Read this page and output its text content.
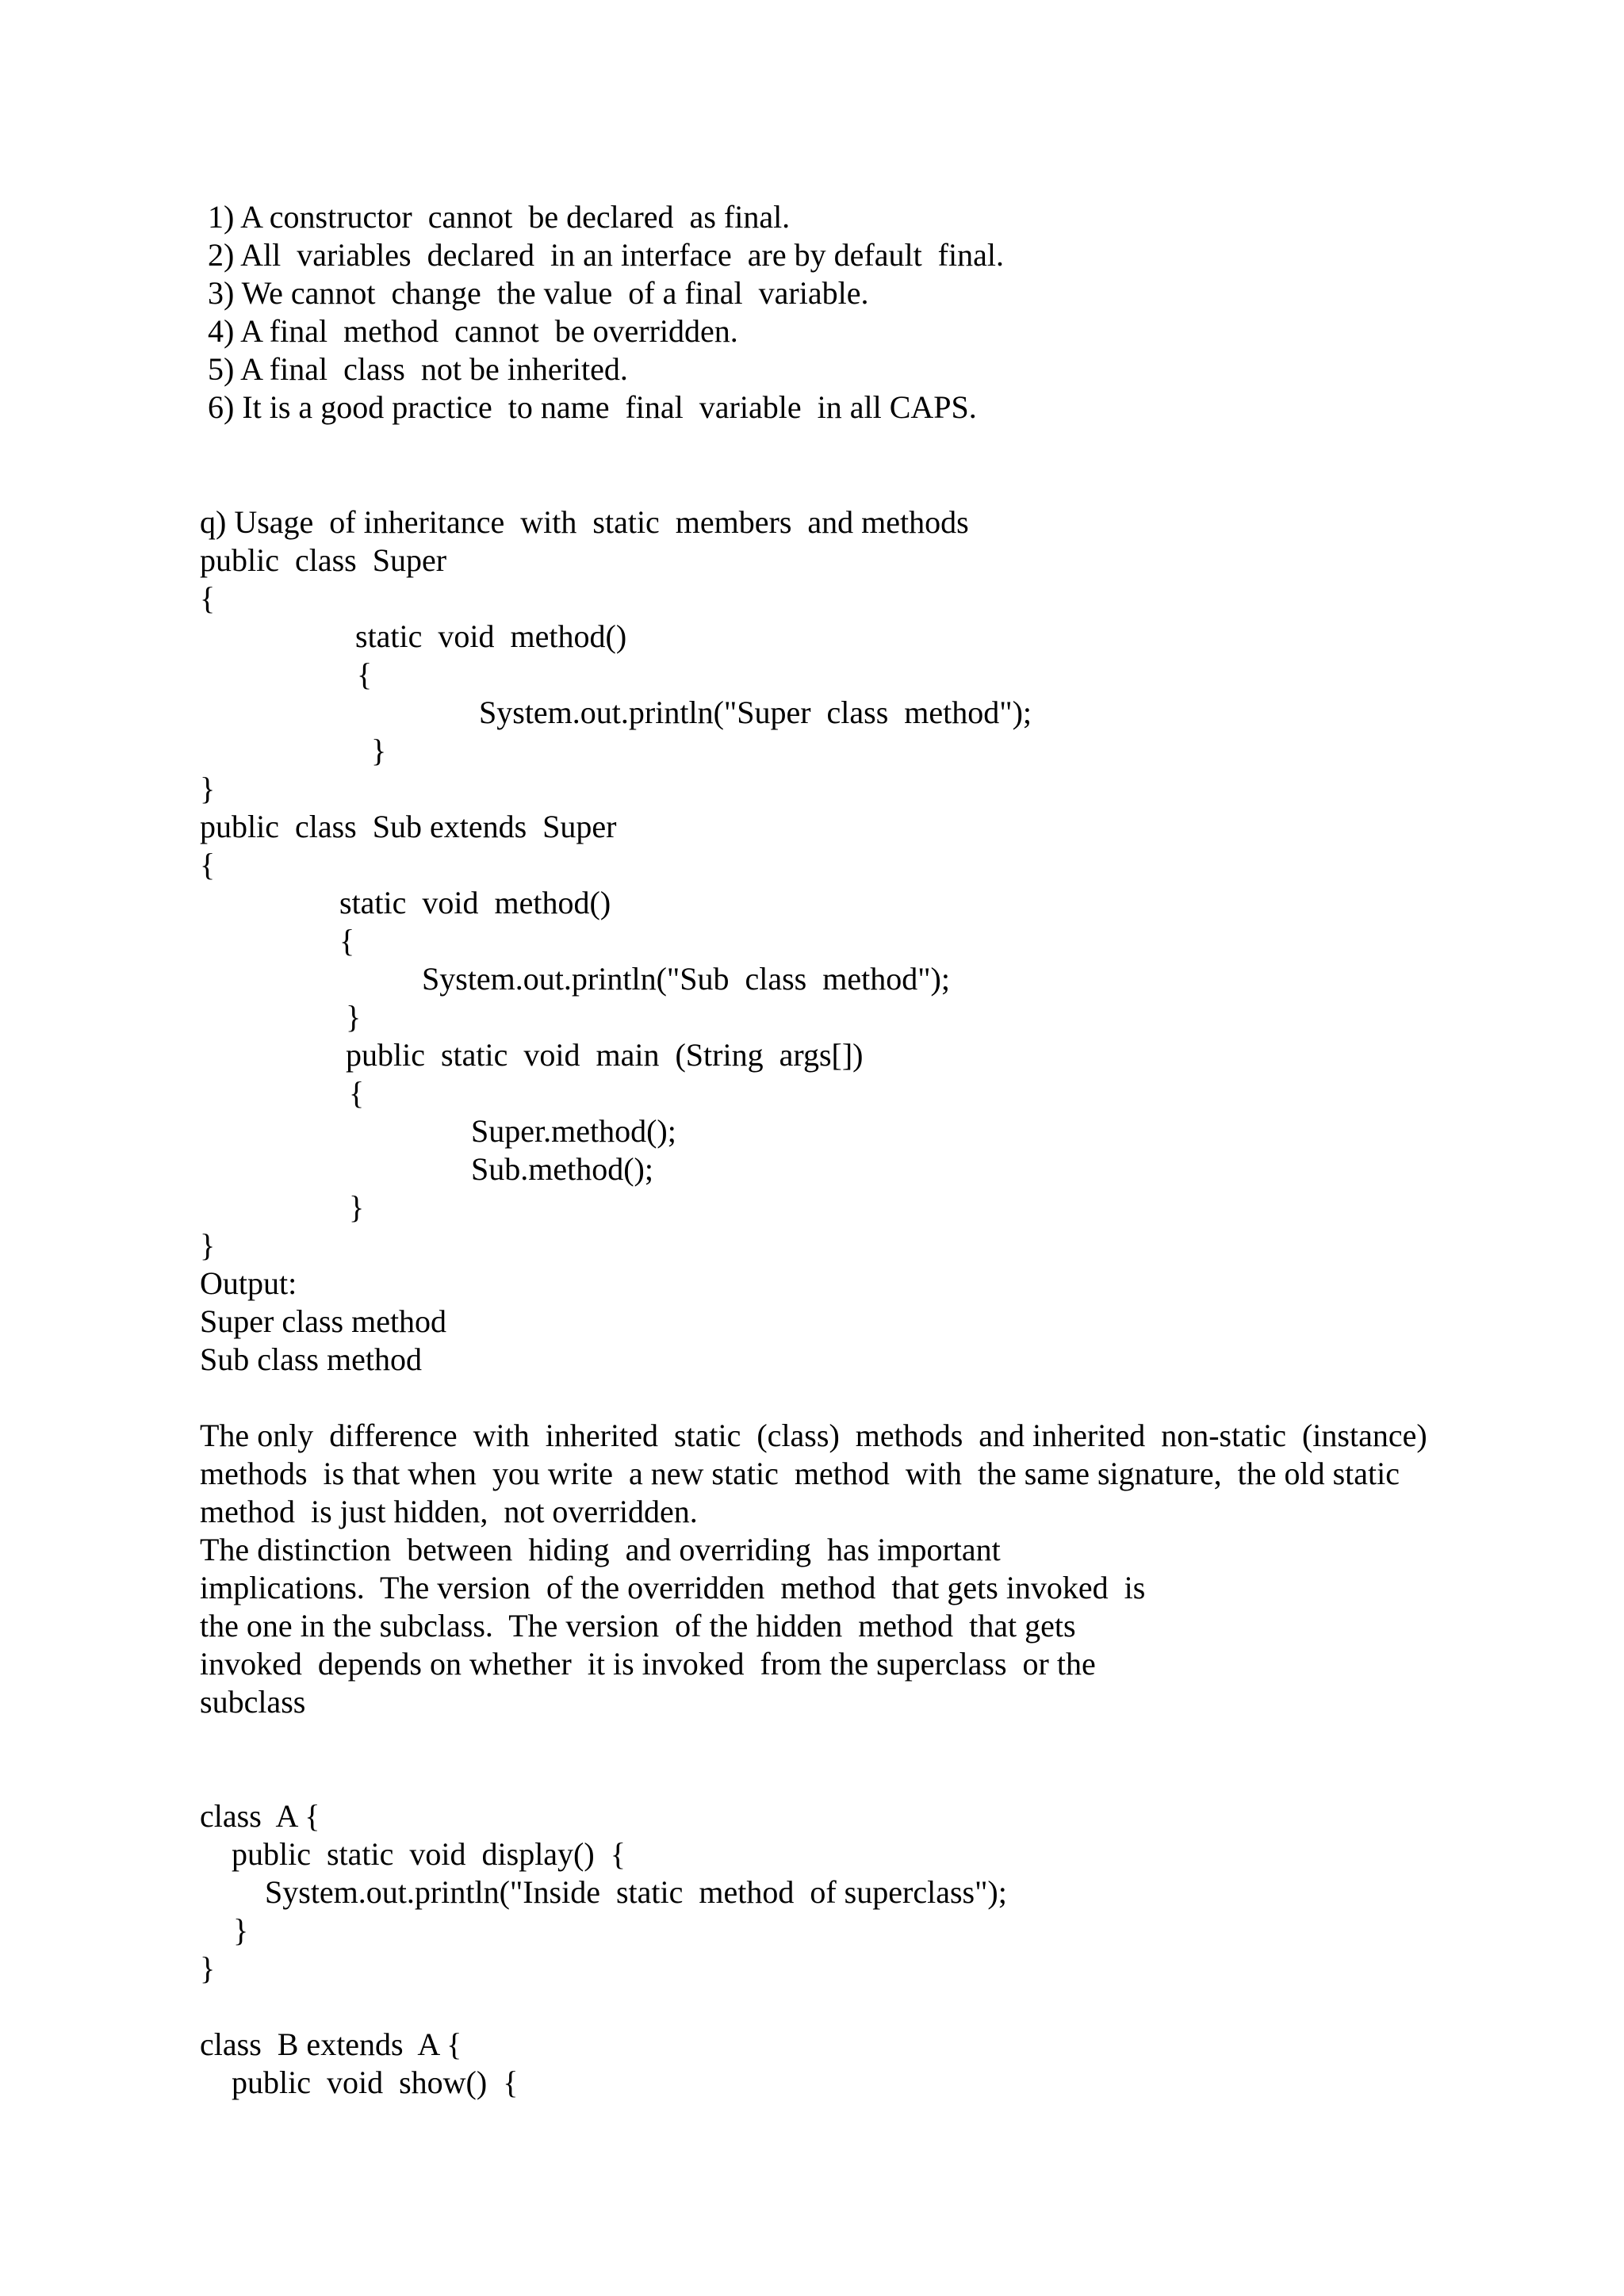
1) A constructor  cannot  be declared  as final.
2) All  variables  declared  in an interface  are by default  final.
3) We cannot  change  the value  of a final  variable.
4) A final  method  cannot  be overridden.
5) A final  class  not be inherited.
6) It is a good practice  to name  final  variable  in all CAPS.
q) Usage  of inheritance  with  static  members  and methods
public  class  Super
{
static  void  method()
{
System.out.println("Super  class  method");
}
}
public  class  Sub extends  Super
{
static  void  method()
{
System.out.println("Sub  class  method");
}
public  static  void  main  (String  args[])
{
Super.method();
Sub.method();
}
}
Output:
Super class method
Sub class method
The only  difference  with  inherited  static  (class)  methods  and inherited  non-static  (instance)
methods  is that when  you write  a new static  method  with  the same signature,  the old static
method  is just hidden,  not overridden.
The distinction  between  hiding  and overriding  has important
implications.  The version  of the overridden  method  that gets invoked  is
the one in the subclass.  The version  of the hidden  method  that gets
invoked  depends on whether  it is invoked  from the superclass  or the
subclass
class  A {
public  static  void  display()  {
System.out.println("Inside  static  method  of superclass");
}
}
class  B extends  A {
public  void  show()  {
